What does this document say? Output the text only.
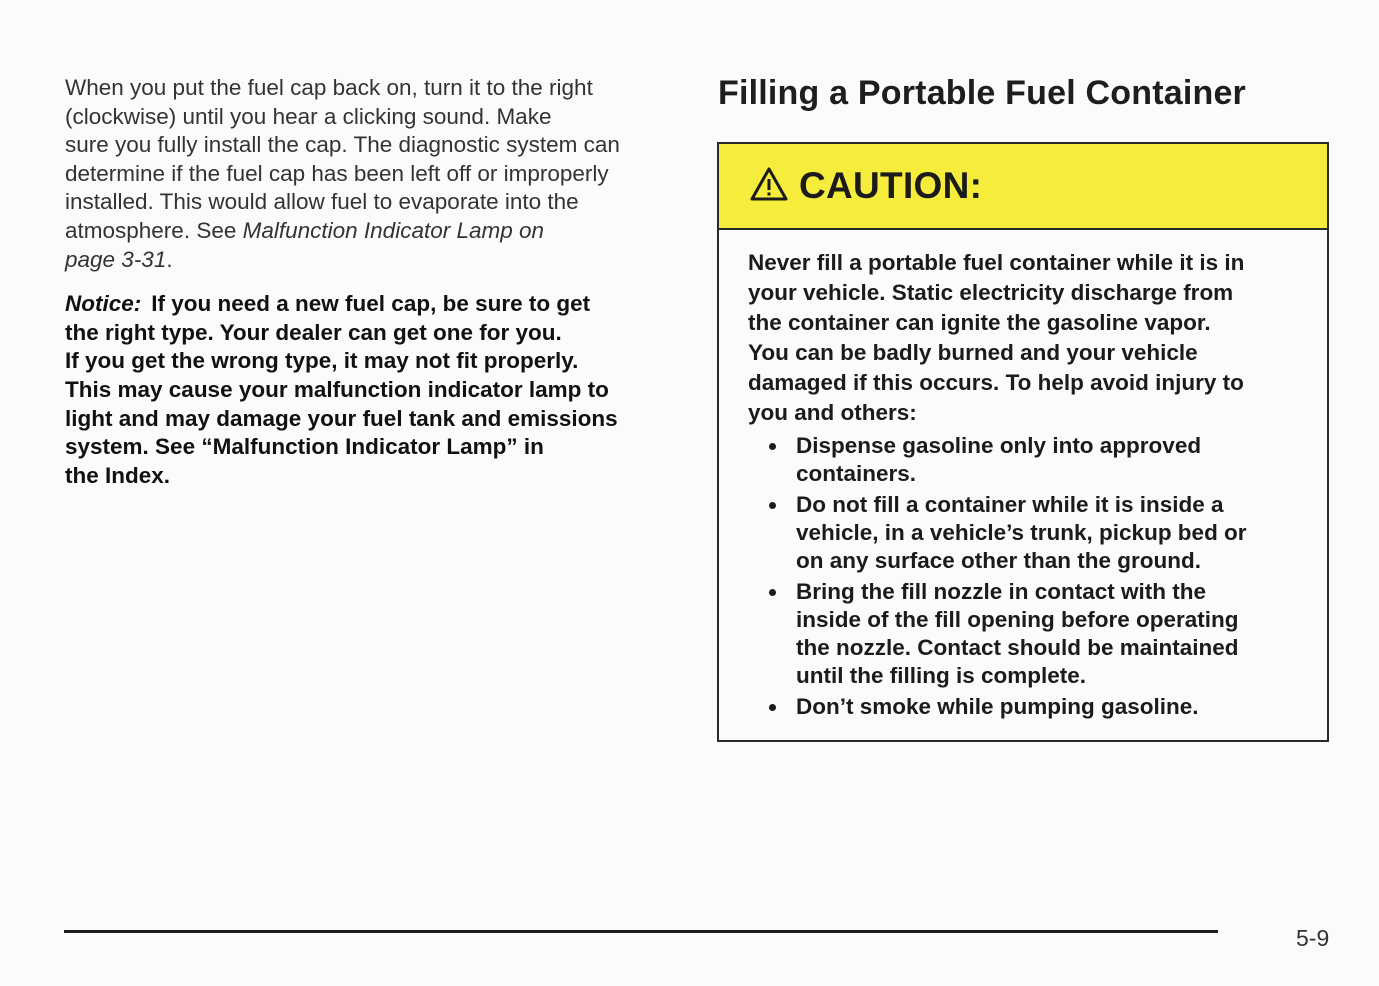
When you put the fuel cap back on, turn it to the right
(clockwise) until you hear a clicking sound. Make
sure you fully install the cap. The diagnostic system can
determine if the fuel cap has been left off or improperly
installed. This would allow fuel to evaporate into the
atmosphere. See Malfunction Indicator Lamp on
page 3-31.

Notice: If you need a new fuel cap, be sure to get
the right type. Your dealer can get one for you.
If you get the wrong type, it may not fit properly.
This may cause your malfunction indicator lamp to
light and may damage your fuel tank and emissions
system. See “Malfunction Indicator Lamp” in
the Index.
Filling a Portable Fuel Container
CAUTION:

Never fill a portable fuel container while it is in
your vehicle. Static electricity discharge from
the container can ignite the gasoline vapor.
You can be badly burned and your vehicle
damaged if this occurs. To help avoid injury to
you and others:

Dispense gasoline only into approved
containers.
Do not fill a container while it is inside a
vehicle, in a vehicle’s trunk, pickup bed or
on any surface other than the ground.
Bring the fill nozzle in contact with the
inside of the fill opening before operating
the nozzle. Contact should be maintained
until the filling is complete.
Don’t smoke while pumping gasoline.
5-9
